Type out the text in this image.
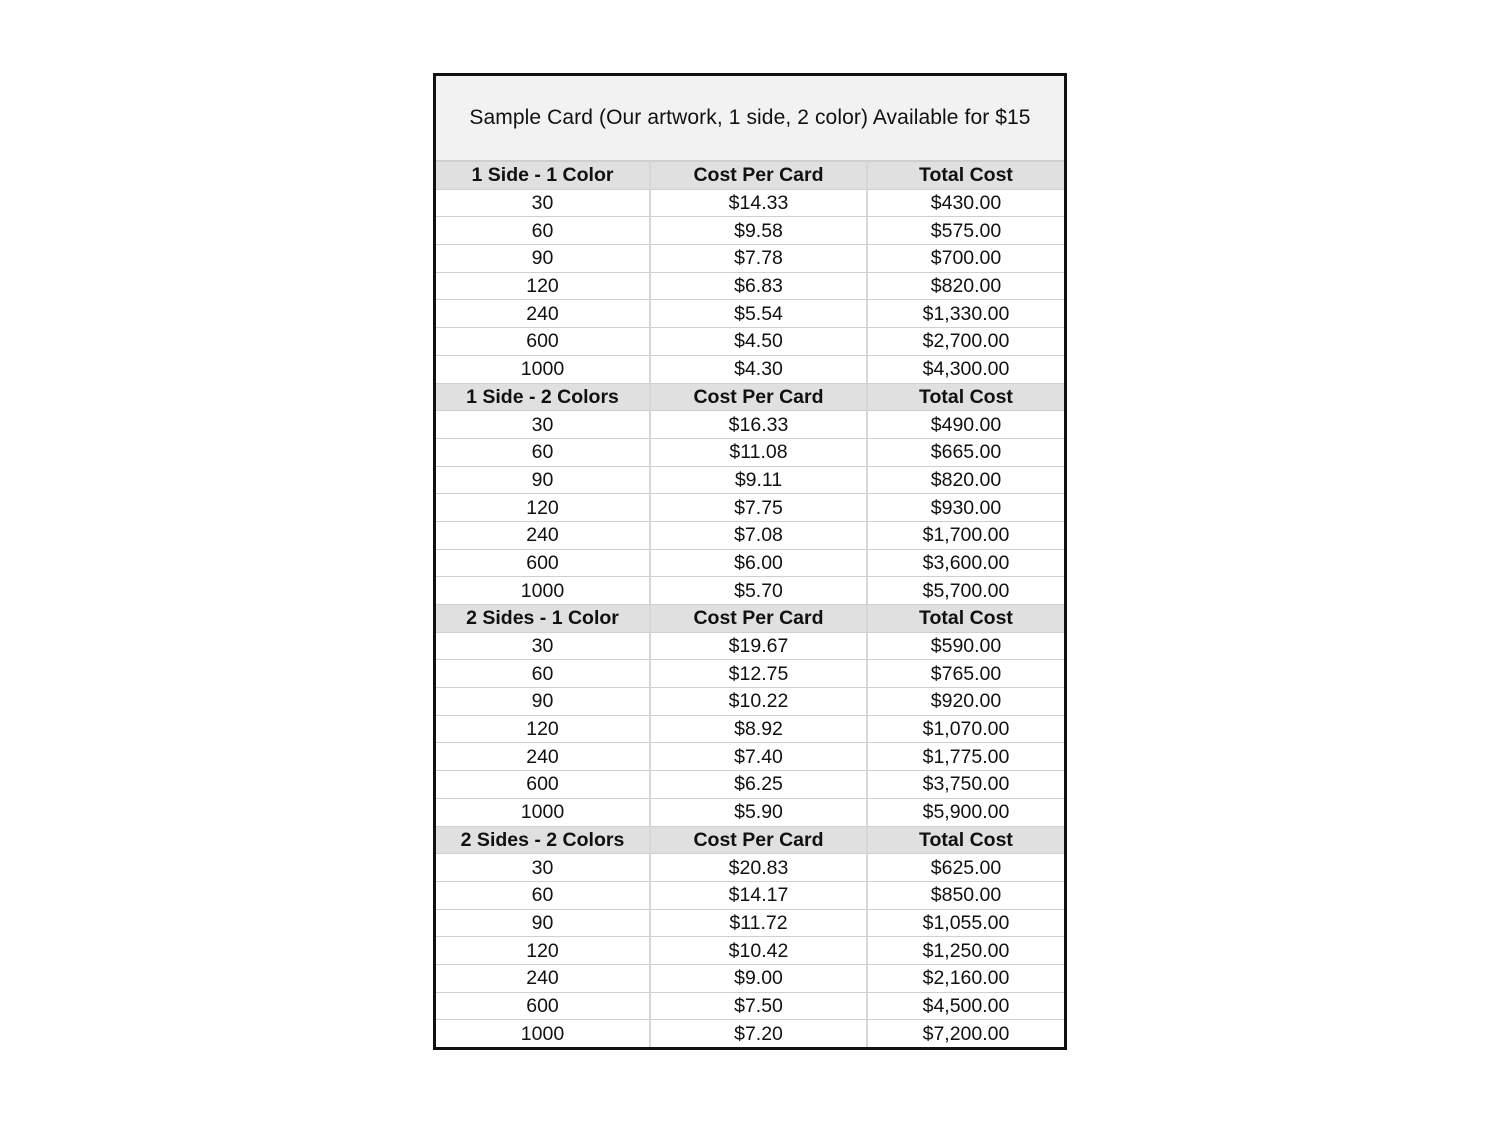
Sample Card (Our artwork, 1 side, 2 color) Available for $15
1 Side - 1 Color	Cost Per Card	Total Cost
30	$14.33	$430.00
60	$9.58	$575.00
90	$7.78	$700.00
120	$6.83	$820.00
240	$5.54	$1,330.00
600	$4.50	$2,700.00
1000	$4.30	$4,300.00
1 Side - 2 Colors	Cost Per Card	Total Cost
30	$16.33	$490.00
60	$11.08	$665.00
90	$9.11	$820.00
120	$7.75	$930.00
240	$7.08	$1,700.00
600	$6.00	$3,600.00
1000	$5.70	$5,700.00
2 Sides - 1 Color	Cost Per Card	Total Cost
30	$19.67	$590.00
60	$12.75	$765.00
90	$10.22	$920.00
120	$8.92	$1,070.00
240	$7.40	$1,775.00
600	$6.25	$3,750.00
1000	$5.90	$5,900.00
2 Sides - 2 Colors	Cost Per Card	Total Cost
30	$20.83	$625.00
60	$14.17	$850.00
90	$11.72	$1,055.00
120	$10.42	$1,250.00
240	$9.00	$2,160.00
600	$7.50	$4,500.00
1000	$7.20	$7,200.00
